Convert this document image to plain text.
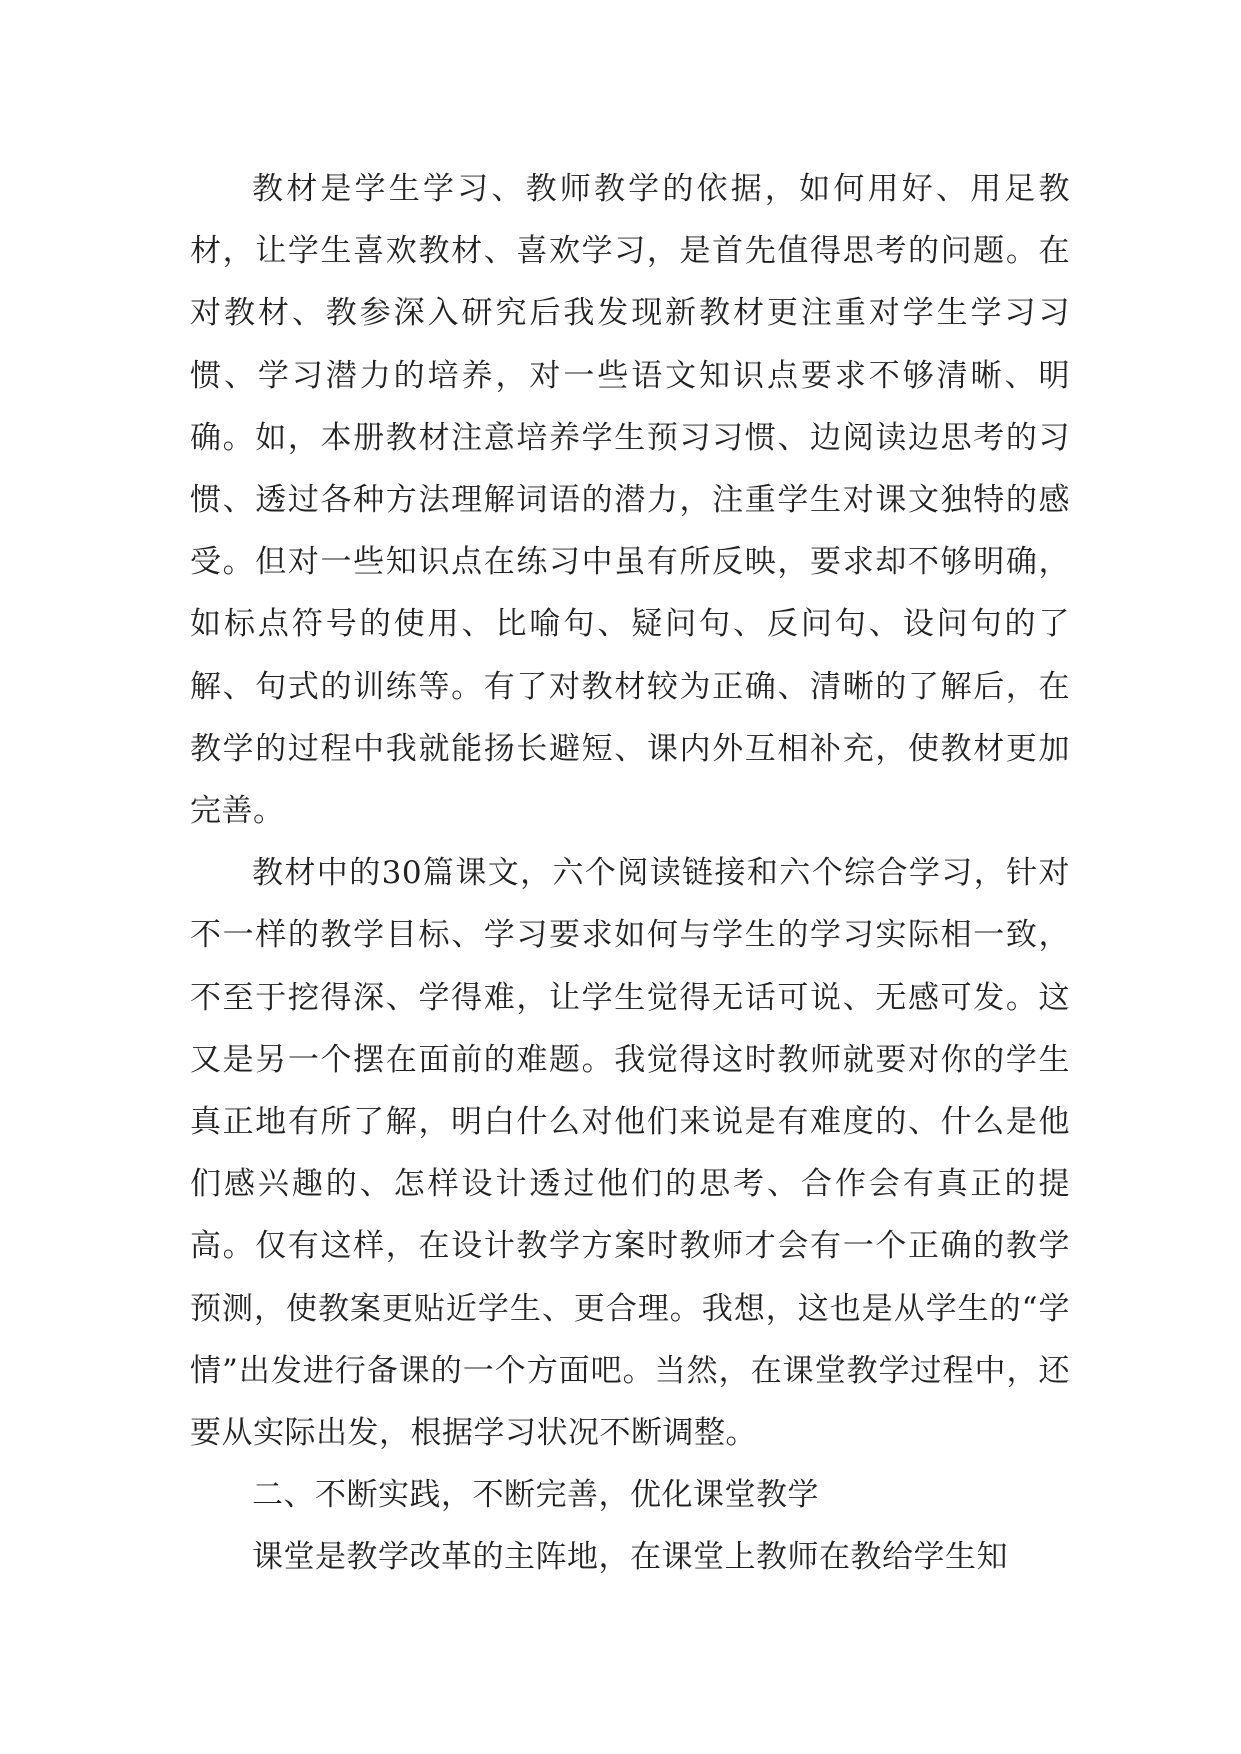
教材是学生学习、教师教学的依据，如何用好、用足教材，让学生喜欢教材、喜欢学习，是首先值得思考的问题。在对教材、教参深入研究后我发现新教材更注重对学生学习习惯、学习潜力的培养，对一些语文知识点要求不够清晰、明确。如，本册教材注意培养学生预习习惯、边阅读边思考的习惯、透过各种方法理解词语的潜力，注重学生对课文独特的感受。但对一些知识点在练习中虽有所反映，要求却不够明确，如标点符号的使用、比喻句、疑问句、反问句、设问句的了解、句式的训练等。有了对教材较为正确、清晰的了解后，在教学的过程中我就能扬长避短、课内外互相补充，使教材更加完善。

教材中的30篇课文，六个阅读链接和六个综合学习，针对不一样的教学目标、学习要求如何与学生的学习实际相一致，不至于挖得深、学得难，让学生觉得无话可说、无感可发。这又是另一个摆在面前的难题。我觉得这时教师就要对你的学生真正地有所了解，明白什么对他们来说是有难度的、什么是他们感兴趣的、怎样设计透过他们的思考、合作会有真正的提高。仅有这样，在设计教学方案时教师才会有一个正确的教学预测，使教案更贴近学生、更合理。我想，这也是从学生的“学情”出发进行备课的一个方面吧。当然，在课堂教学过程中，还要从实际出发，根据学习状况不断调整。

二、不断实践，不断完善，优化课堂教学

课堂是教学改革的主阵地，在课堂上教师在教给学生知
